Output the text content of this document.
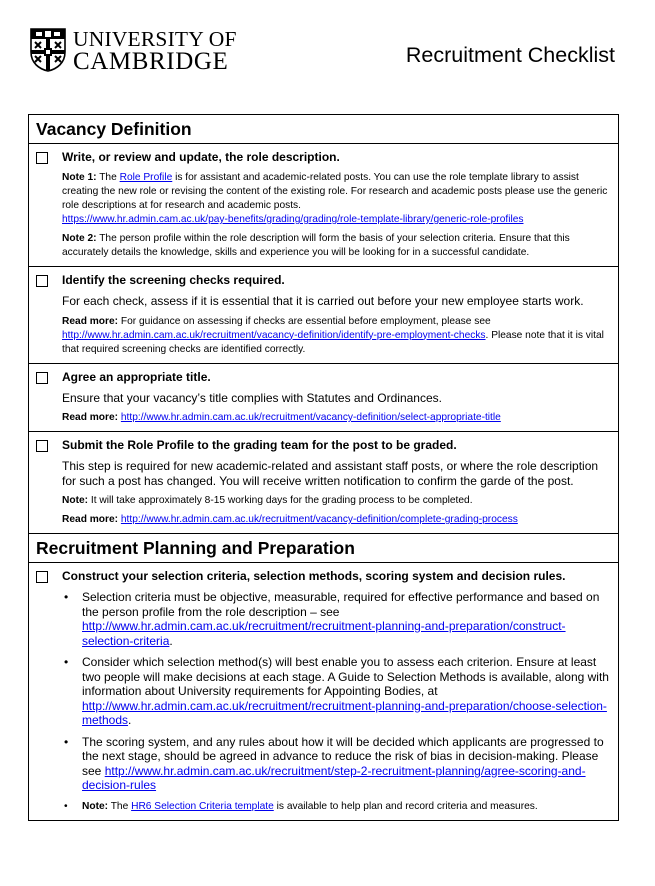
UNIVERSITY OF
CAMBRIDGE	Recruitment Checklist
Vacancy Definition
Write, or review and update, the role description.
Note 1: The Role Profile is for assistant and academic-related posts. You can use the role template library to assist creating the new role or revising the content of the existing role. For research and academic posts please use the generic role descriptions at for research and academic posts.
https://www.hr.admin.cam.ac.uk/pay-benefits/grading/grading/role-template-library/generic-role-profiles
Note 2: The person profile within the role description will form the basis of your selection criteria. Ensure that this accurately details the knowledge, skills and experience you will be looking for in a successful candidate.
Identify the screening checks required.
For each check, assess if it is essential that it is carried out before your new employee starts work.
Read more: For guidance on assessing if checks are essential before employment, please see http://www.hr.admin.cam.ac.uk/recruitment/vacancy-definition/identify-pre-employment-checks. Please note that it is vital that required screening checks are identified correctly.
Agree an appropriate title.
Ensure that your vacancy’s title complies with Statutes and Ordinances.
Read more: http://www.hr.admin.cam.ac.uk/recruitment/vacancy-definition/select-appropriate-title
Submit the Role Profile to the grading team for the post to be graded.
This step is required for new academic-related and assistant staff posts, or where the role description for such a post has changed. You will receive written notification to confirm the garde of the post.
Note: It will take approximately 8-15 working days for the grading process to be completed.
Read more: http://www.hr.admin.cam.ac.uk/recruitment/vacancy-definition/complete-grading-process
Recruitment Planning and Preparation
Construct your selection criteria, selection methods, scoring system and decision rules.
• Selection criteria must be objective, measurable, required for effective performance and based on the person profile from the role description – see http://www.hr.admin.cam.ac.uk/recruitment/recruitment-planning-and-preparation/construct-selection-criteria.
• Consider which selection method(s) will best enable you to assess each criterion. Ensure at least two people will make decisions at each stage. A Guide to Selection Methods is available, along with information about University requirements for Appointing Bodies, at http://www.hr.admin.cam.ac.uk/recruitment/recruitment-planning-and-preparation/choose-selection-methods.
• The scoring system, and any rules about how it will be decided which applicants are progressed to the next stage, should be agreed in advance to reduce the risk of bias in decision-making. Please see http://www.hr.admin.cam.ac.uk/recruitment/step-2-recruitment-planning/agree-scoring-and-decision-rules
• Note: The HR6 Selection Criteria template is available to help plan and record criteria and measures.
